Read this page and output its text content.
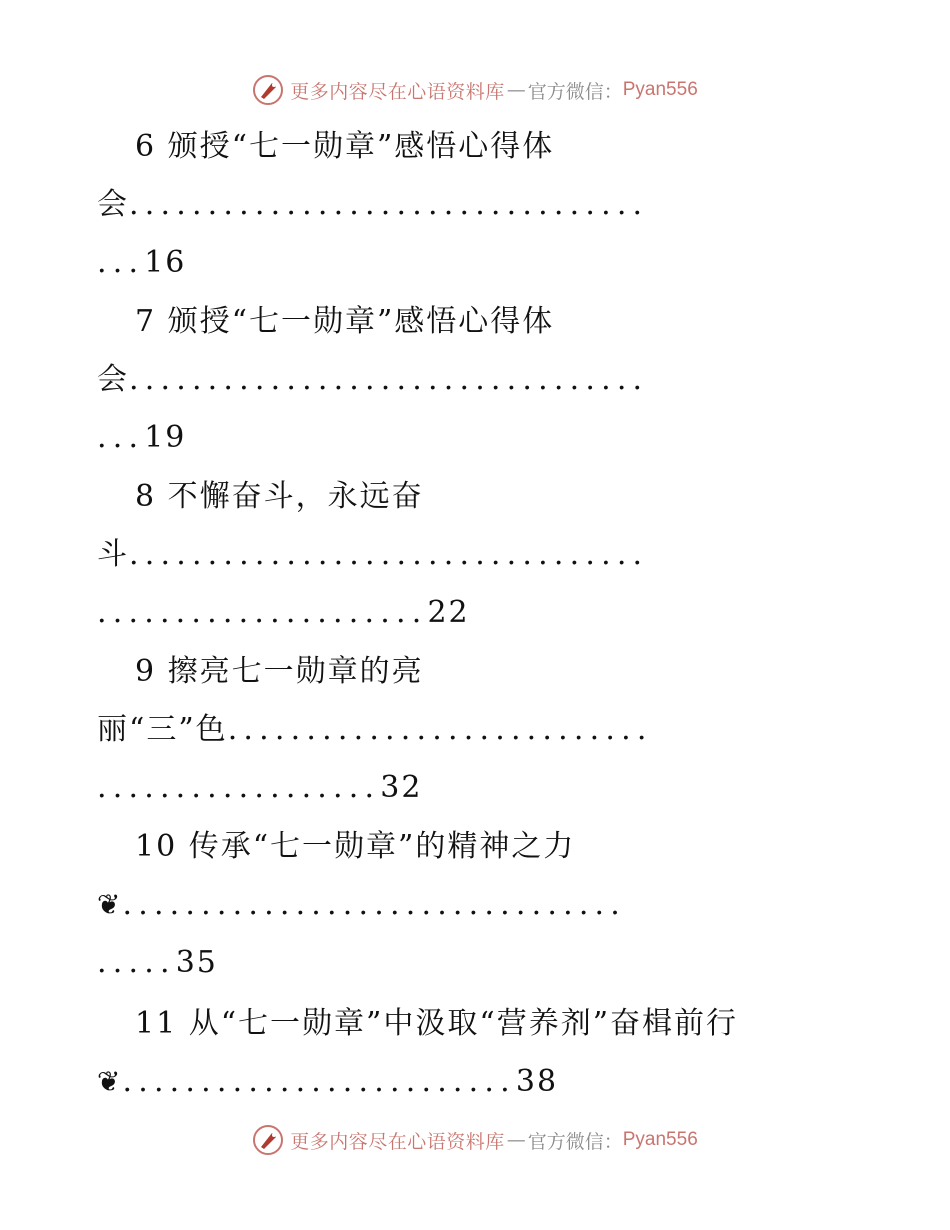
更多内容尽在心语资料库 — 官方微信： Pyan556
6 颁授“七一勋章”感悟心得体
会.................................
...16
7 颁授“七一勋章”感悟心得体
会.................................
...19
8 不懈奋斗，永远奋
斗.................................
.....................22
9 擦亮七一勋章的亮
丽“三”色...........................
..................32
10 传承“七一勋章”的精神之力
❦................................
.....35
11 从“七一勋章”中汲取“营养剂”奋楫前行
❦.........................38
更多内容尽在心语资料库 — 官方微信： Pyan556
